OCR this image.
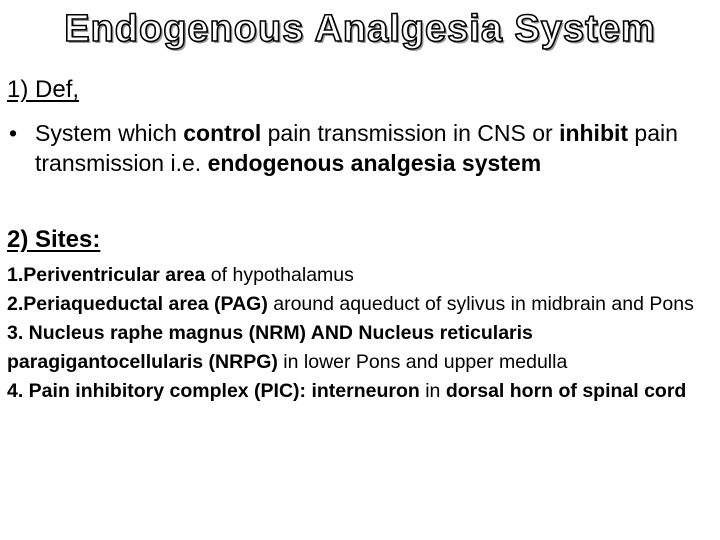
Endogenous Analgesia System
1) Def,
• System which control pain transmission in CNS or inhibit pain transmission i.e. endogenous analgesia system
2) Sites:

1.Periventricular area of hypothalamus

2.Periaqueductal area (PAG) around aqueduct of sylivus in midbrain and Pons

3. Nucleus raphe magnus (NRM) AND Nucleus reticularis paragigantocellularis (NRPG) in lower Pons and upper medulla

4. Pain inhibitory complex (PIC): interneuron in dorsal horn of spinal cord
